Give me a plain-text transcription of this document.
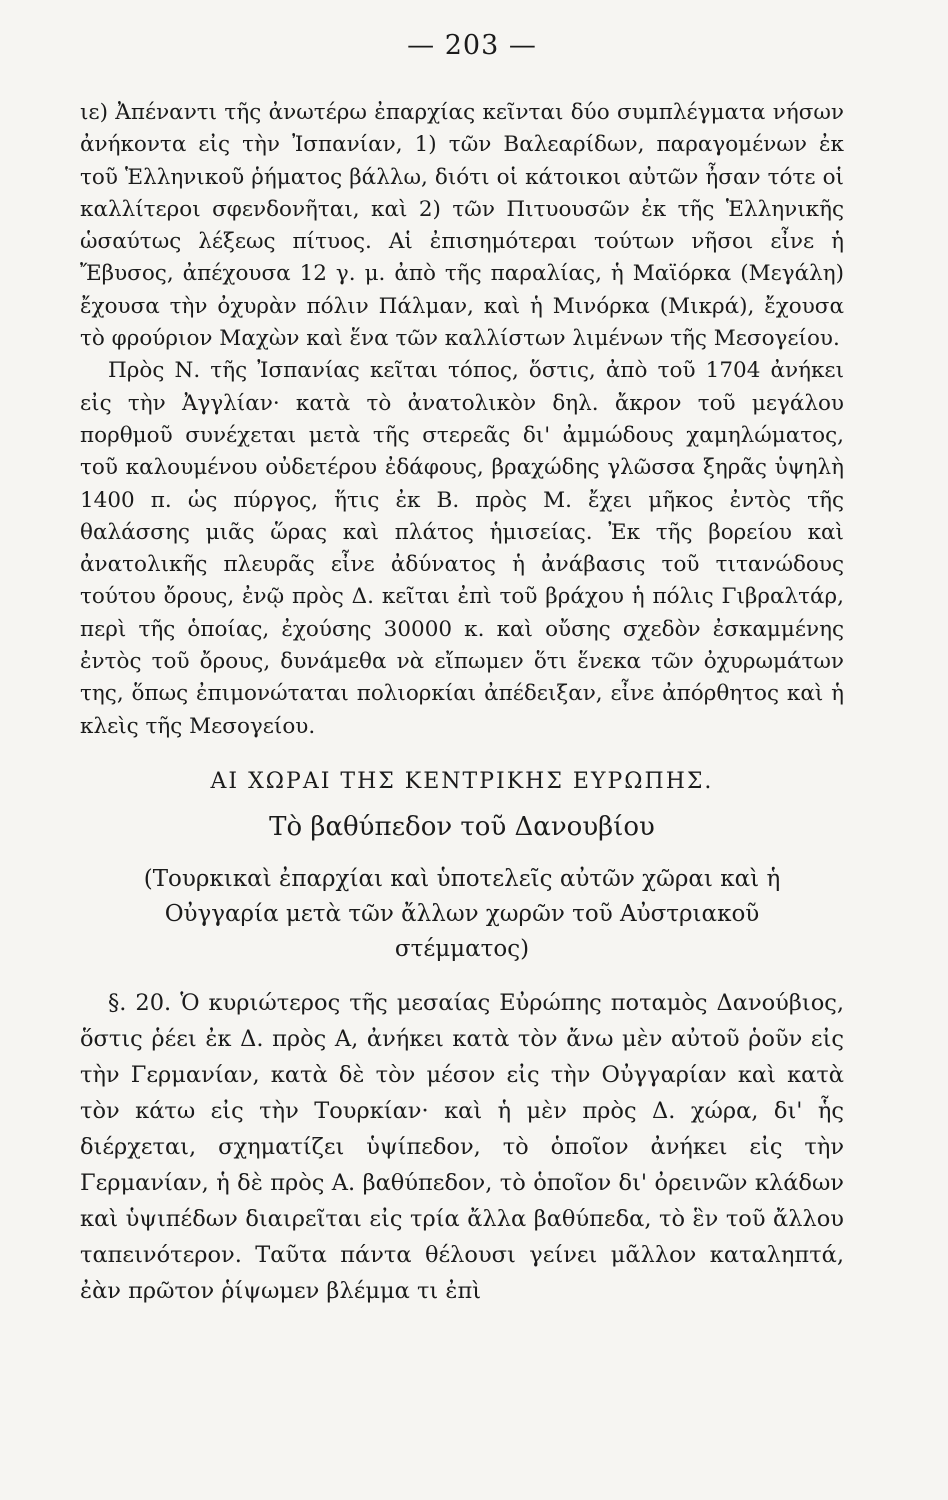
— 203 —

ιε) Ἀπέναντι τῆς ἀνωτέρω ἐπαρχίας κεῖνται δύο συμπλέγματα νήσων ἀνήκοντα εἰς τὴν Ἰσπανίαν, 1) τῶν Βαλεαρίδων, παραγομένων ἐκ τοῦ Ἑλληνικοῦ ῥήματος βάλλω, διότι οἱ κάτοικοι αὐτῶν ἦσαν τότε οἱ καλλίτεροι σφενδονῆται, καὶ 2) τῶν Πιτυουσῶν ἐκ τῆς Ἑλληνικῆς ὡσαύτως λέξεως πίτυος. Αἱ ἐπισημότεραι τούτων νῆσοι εἶνε ἡ Ἔβυσος, ἀπέχουσα 12 γ. μ. ἀπὸ τῆς παραλίας, ἡ Μαϊόρκα (Μεγάλη) ἔχουσα τὴν ὀχυρὰν πόλιν Πάλμαν, καὶ ἡ Μινόρκα (Μικρά), ἔχουσα τὸ φρούριον Μαχὼν καὶ ἕνα τῶν καλλίστων λιμένων τῆς Μεσογείου.

Πρὸς Ν. τῆς Ἰσπανίας κεῖται τόπος, ὅστις, ἀπὸ τοῦ 1704 ἀνήκει εἰς τὴν Ἀγγλίαν· κατὰ τὸ ἀνατολικὸν δηλ. ἄκρον τοῦ μεγάλου πορθμοῦ συνέχεται μετὰ τῆς στερεᾶς δι' ἀμμώδους χαμηλώματος, τοῦ καλουμένου οὐδετέρου ἐδάφους, βραχώδης γλῶσσα ξηρᾶς ὑψηλὴ 1400 π. ὡς πύργος, ἥτις ἐκ Β. πρὸς Μ. ἔχει μῆκος ἐντὸς τῆς θαλάσσης μιᾶς ὥρας καὶ πλάτος ἡμισείας. Ἐκ τῆς βορείου καὶ ἀνατολικῆς πλευρᾶς εἶνε ἀδύνατος ἡ ἀνάβασις τοῦ τιτανώδους τούτου ὄρους, ἐνῷ πρὸς Δ. κεῖται ἐπὶ τοῦ βράχου ἡ πόλις Γιβραλτάρ, περὶ τῆς ὁποίας, ἐχούσης 30000 κ. καὶ οὔσης σχεδὸν ἐσκαμμένης ἐντὸς τοῦ ὄρους, δυνάμεθα νὰ εἴπωμεν ὅτι ἕνεκα τῶν ὀχυρωμάτων της, ὅπως ἐπιμονώταται πολιορκίαι ἀπέδειξαν, εἶνε ἀπόρθητος καὶ ἡ κλεὶς τῆς Μεσογείου.

ΑΙ ΧΩΡΑΙ ΤΗΣ ΚΕΝΤΡΙΚΗΣ ΕΥΡΩΠΗΣ.
Τὸ βαθύπεδον τοῦ Δανουβίου
(Τουρκικαὶ ἐπαρχίαι καὶ ὑποτελεῖς αὐτῶν χῶραι καὶ ἡ Οὐγγαρία μετὰ τῶν ἄλλων χωρῶν τοῦ Αὐστριακοῦ στέμματος)

§. 20. Ὁ κυριώτερος τῆς μεσαίας Εὐρώπης ποταμὸς Δανούβιος, ὅστις ῥέει ἐκ Δ. πρὸς Α, ἀνήκει κατὰ τὸν ἄνω μὲν αὐτοῦ ῥοῦν εἰς τὴν Γερμανίαν, κατὰ δὲ τὸν μέσον εἰς τὴν Οὐγγαρίαν καὶ κατὰ τὸν κάτω εἰς τὴν Τουρκίαν· καὶ ἡ μὲν πρὸς Δ. χώρα, δι' ἧς διέρχεται, σχηματίζει ὑψίπεδον, τὸ ὁποῖον ἀνήκει εἰς τὴν Γερμανίαν, ἡ δὲ πρὸς Α. βαθύπεδον, τὸ ὁποῖον δι' ὀρεινῶν κλάδων καὶ ὑψιπέδων διαιρεῖται εἰς τρία ἄλλα βαθύπεδα, τὸ ἓν τοῦ ἄλλου ταπεινότερον. Ταῦτα πάντα θέλουσι γείνει μᾶλλον καταληπτά, ἐὰν πρῶτον ῥίψωμεν βλέμμα τι ἐπὶ
